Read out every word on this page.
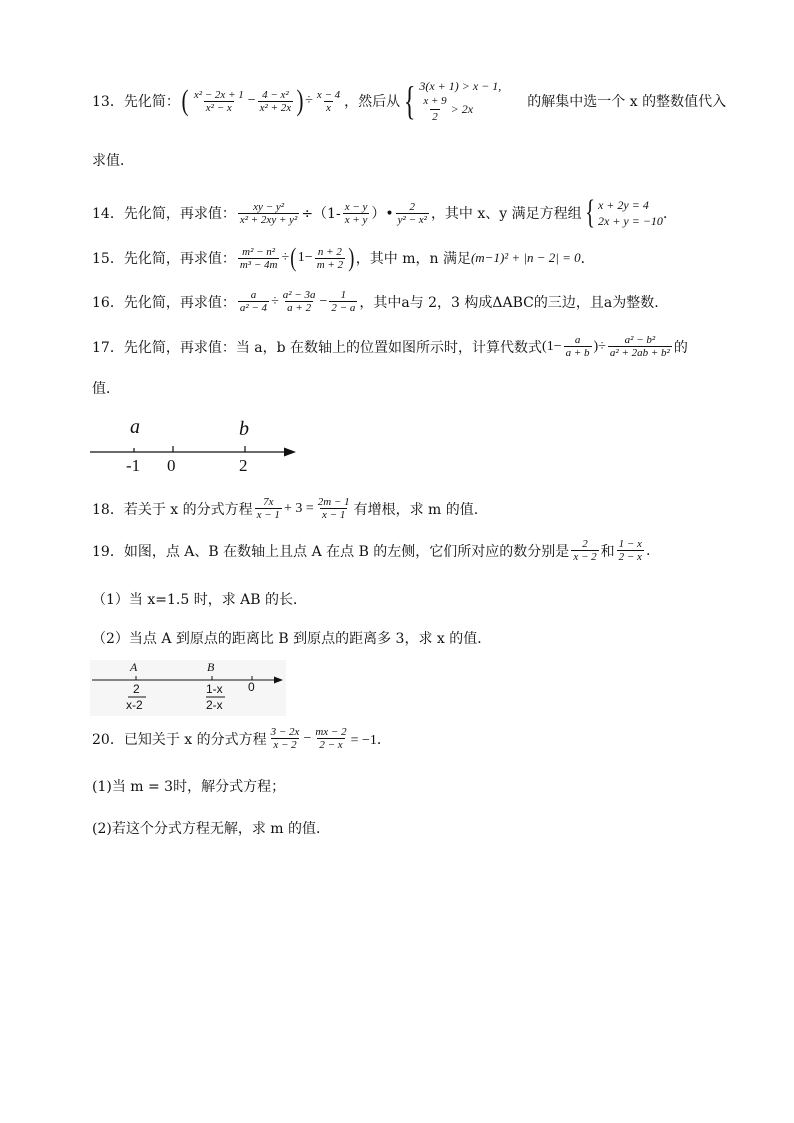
13．先化简： ( $\frac{\text{x² − 2x + 1}}{\text{x² − x}} - \frac{\text{4 − x²}}{\text{x² + 2x}}$ ) ÷ $\frac{x - 4}{x}$ ，然后从 { 3(x + 1) > x − 1,
$\frac{x + 9}{2} > 2x$	的解集中选一个 x 的整数值代入
求值．
14．先化简，再求值： $\frac{\text{xy − y²}}{\text{x² + 2xy + y²}} \div(1- \frac{x - y}{x + y}$ ）• $\frac{2}{\text{y² − x²}}$ ，其中 x、y 满足方程组 { x + 2y = 4
2x + y = −10 ．
15．先化简，再求值： $\frac{\text{m² − n²}}{\text{m³ − 4m}}$ ÷ ( $1- \frac{n + 2}{m + 2}$ ) ，其中 m，n 满足 (m−1)² + |n − 2| = 0 ．
16．先化简，再求值： $\frac{a}{\text{a² − 4}} \div \frac{\text{a² − 3a}}{a + 2} - \frac{1}{2 - a}$ ，其中a与 2，3 构成ΔABC的三边，且a为整数.
17．先化简，再求值：当 a，b 在数轴上的位置如图所示时，计算代数式 ($1- \frac{a}{a + b}$ )÷ $\frac{\text{a² − b²}}{\text{a² + 2ab + b²}}$ 的
值．
a	b
-1 0	2
18．若关于 x 的分式方程 $\frac{7x}{x - 1} + 3 = \frac{2m - 1}{x - 1}$ 有增根，求 m 的值.
19．如图，点 A、B 在数轴上且点 A 在点 B 的左侧，它们所对应的数分别是 $\frac{2}{x - 2}$ 和 $\frac{1 - x}{2 - x}$ .
（1）当 x=1.5 时，求 AB 的长．
（2）当点 A 到原点的距离比 B 到原点的距离多 3，求 x 的值．
A	B
0
2
x-2
1-x
2-x
20．已知关于 x 的分式方程 $\frac{3 - 2x}{x - 2} - \frac{mx - 2}{2 - x} = -1$．
(1)当 m = 3时，解分式方程；
(2)若这个分式方程无解，求 m 的值．
